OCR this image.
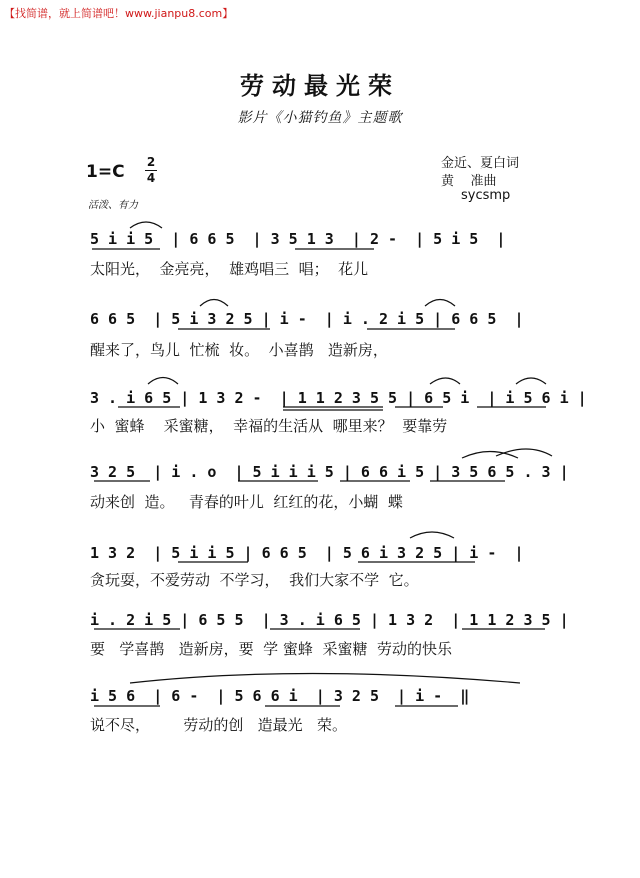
【找简谱，就上简谱吧！www.jianpu8.com】
劳动最光荣
影片《小猫钓鱼》主题歌
1=C 2
4
活泼、有力
金近、夏白词
黄    准曲
sycsmp
5 i i 5  | 6 6 5  | 3 5 1 3  | 2 -  | 5 i 5  |
太阳光，  金亮亮，  雄鸡唱三  唱；  花儿
6 6 5  | 5 i 3 2 5 | i -  | i . 2 i 5 | 6 6 5  |
醒来了，鸟儿  忙梳  妆。  小喜鹊   造新房，
3 . i 6 5 | 1 3 2 -  | 1 1 2 3 5 5 | 6 5 i  | i 5 6 i |
小  蜜蜂    采蜜糖，  幸福的生活从  哪里来？  要靠劳
3 2 5  | i . o  | 5 i i i 5 | 6 6 i 5 | 3 5 6 5 . 3 |
动来创  造。   青春的叶儿  红红的花，小蝴  蝶
1 3 2  | 5 i i 5 | 6 6 5  | 5 6 i 3 2 5 | i -  |
贪玩耍，不爱劳动  不学习，  我们大家不学  它。
i . 2 i 5 | 6 5 5  | 3 . i 6 5 | 1 3 2  | 1 1 2 3 5 |
要   学喜鹊   造新房，要  学 蜜蜂  采蜜糖  劳动的快乐
i 5 6  | 6 -  | 5 6 6 i  | 3 2 5  | i -  ‖
说不尽，       劳动的创   造最光   荣。
